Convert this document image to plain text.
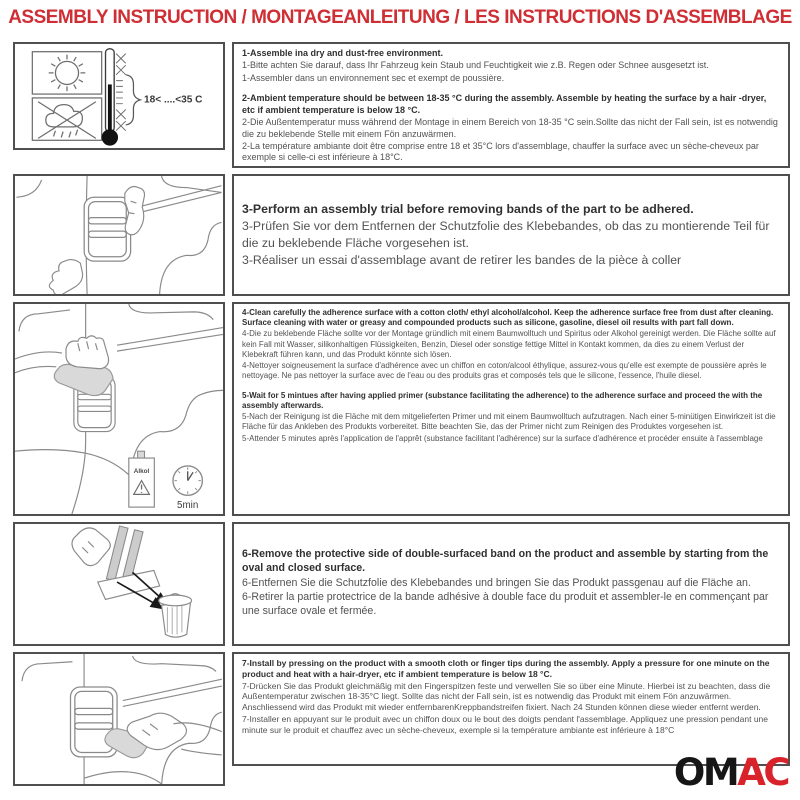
ASSEMBLY INSTRUCTION / MONTAGEANLEITUNG / LES INSTRUCTIONS D'ASSEMBLAGE
18< ....<35 C

1-Assemble ina dry and dust-free environment.

1-Bitte achten Sie darauf, dass Ihr Fahrzeug kein Staub und Feuchtigkeit wie z.B. Regen oder Schnee ausgesetzt ist.

1-Assembler dans un environnement sec et exempt de poussière.

2-Ambient temperature should be between 18-35 °C during the assembly. Assemble by heating the surface by a hair -dryer, etc if ambient temperature is below 18 °C.

2-Die Außentemperatur muss während der Montage in einem Bereich von 18-35 °C sein.Sollte das nicht der Fall sein, ist es notwendig die zu beklebende Stelle mit einem Fön anzuwärmen.

2-La température ambiante doit être comprise entre 18 et 35°C lors d'assemblage, chauffer la surface avec un sèche-cheveux par exemple si celle-ci est inférieure à 18°C.

3-Perform an assembly trial before removing bands of the part to be adhered.

3-Prüfen Sie vor dem Entfernen der Schutzfolie des Klebebandes, ob das zu montierende Teil für die zu beklebende Fläche vorgesehen ist.

3-Réaliser un essai d'assemblage avant de retirer les bandes de la pièce à coller

Alkol
5min

4-Clean carefully the adherence surface with a cotton cloth/ ethyl alcohol/alcohol. Keep the adherence surface free from dust after cleaning. Surface cleaning with water or greasy and compounded products such as silicone, gasoline, diesel oil results with part fall down.

4-Die zu beklebende Fläche sollte vor der Montage gründlich mit einem Baumwolltuch und Spiritus oder Alkohol gereinigt werden. Die Fläche sollte auf kein Fall mit Wasser, silikonhaltigen Flüssigkeiten, Benzin, Diesel oder sonstige fettige Mittel in Kontakt kommen, da dies zu einem Verlust der Klebekraft führen kann, und das Produkt könnte sich lösen.

4-Nettoyer soigneusement la surface d'adhérence avec un chiffon en coton/alcool éthylique, assurez-vous qu'elle est exempte de poussière après le nettoyage. Ne pas nettoyer la surface avec de l'eau ou des produits gras et composés tels que le silicone, l'essence, l'huile diesel.

5-Wait for 5 mintues after having applied primer (substance facilitating the adherence) to the adherence surface and proceed the with the assembly afterwards.

5-Nach der Reinigung ist die Fläche mit dem mitgelieferten Primer und mit einem Baumwolltuch aufzutragen. Nach einer 5-minütigen Einwirkzeit ist die Fläche für das Ankleben des Produkts vorbereitet. Bitte beachten Sie, das der Primer nicht zum Reinigen des Produktes vorgesehen ist.

5-Attender 5 minutes après l'application de l'apprêt (substance facilitant l'adhérence) sur la surface d'adhérence et procéder ensuite à l'assemblage

6-Remove the protective side of double-surfaced band on the product and assemble by starting from the oval and closed surface.

6-Entfernen Sie die Schutzfolie des Klebebandes und bringen Sie das Produkt passgenau auf die Fläche an.

6-Retirer la partie protectrice de la bande adhésive à double face du produit et assembler-le en commençant par une surface ovale et fermée.

7-Install by pressing on the product with a smooth cloth or finger tips during the assembly. Apply a pressure for one minute on the product and heat with a hair-dryer, etc if ambient temperature is below 18 °C.

7-Drücken Sie das Produkt gleichmäßig mit den Fingerspitzen feste und verwellen Sie so über eine Minute. Hierbei ist zu beachten, dass die Außentemperatur zwischen 18-35°C liegt. Sollte das nicht der Fall sein, ist es notwendig das Produkt mit einem Fön anzuwärmen. Anschliessend wird das Produkt mit wieder entfernbarenKreppbandstreifen fixiert. Nach 24 Stunden können diese wieder entfernt werden.

7-Installer en appuyant sur le produit avec un chiffon doux ou le bout des doigts pendant l'assemblage. Appliquez une pression pendant une minute sur le produit et chauffez avec un sèche-cheveux, exemple si la température ambiante est inférieure à 18°C

OMAC
